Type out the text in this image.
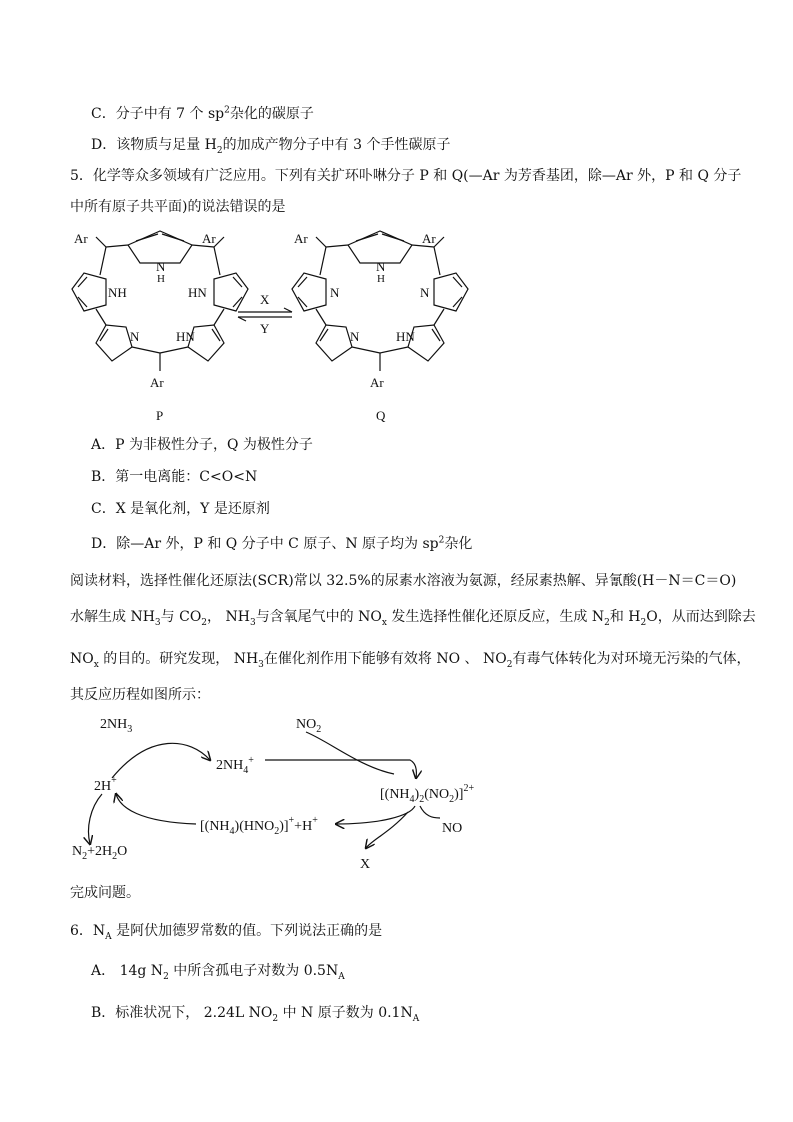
C．分子中有 7 个 $sp^2$杂化的碳原子
D．该物质与足量 $H_2$的加成产物分子中有 3 个手性碳原子
5．化学等众多领域有广泛应用。下列有关扩环卟啉分子 P 和 Q(—Ar 为芳香基团，除—Ar 外，P 和 Q 分子
中所有原子共平面)的说法错误的是
Ar	Ar
N
H
NH	HN
N	HN
Ar
P
X
Y
Ar	Ar
N
H
N	N
N	HN
Ar
Q
A．P 为非极性分子，Q 为极性分子
B．第一电离能：C<O<N
C．X 是氧化剂，Y 是还原剂
D．除—Ar 外，P 和 Q 分子中 C 原子、N 原子均为 $sp^2$杂化
阅读材料，选择性催化还原法(SCR)常以 32.5%的尿素水溶液为氨源，经尿素热解、异氰酸(H－N＝C＝O)
水解生成 $NH_3$与 $CO_2$， $NH_3$与含氧尾气中的 $NO_x$ 发生选择性催化还原反应，生成 $N_2$和 $H_2O$，从而达到除去
$NO_x$ 的目的。研究发现， $NH_3$在催化剂作用下能够有效将 NO 、 $NO_2$有毒气体转化为对环境无污染的气体，
其反应历程如图所示：
$2NH_3$
$2NH_4^+$
$NO_2$
2H+
$[(NH_4)_2(NO_2)]^{2+}$
NO
$[(NH_4)(HNO_2)]^++H^+$
X
$N_2+2H_2O$
完成问题。
6．$N_A$ 是阿伏加德罗常数的值。下列说法正确的是
A． 14g $N_2$ 中所含孤电子对数为 $0.5N_A$
B．标准状况下， 2.24L $NO_2$ 中 N 原子数为 $0.1N_A$
